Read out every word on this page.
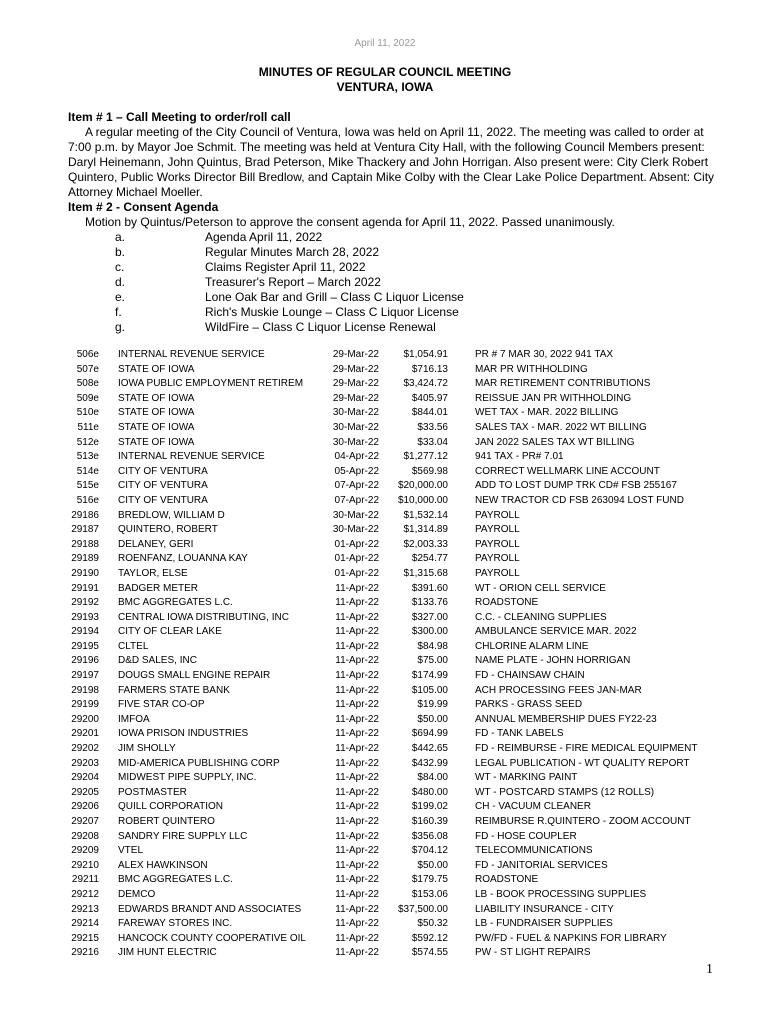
April 11, 2022
MINUTES OF REGULAR COUNCIL MEETING
VENTURA, IOWA
Item # 1 – Call Meeting to order/roll call

A regular meeting of the City Council of Ventura, Iowa was held on April 11, 2022. The meeting was called to order at 7:00 p.m. by Mayor Joe Schmit. The meeting was held at Ventura City Hall, with the following Council Members present: Daryl Heinemann, John Quintus, Brad Peterson, Mike Thackery and John Horrigan. Also present were: City Clerk Robert Quintero, Public Works Director Bill Bredlow, and Captain Mike Colby with the Clear Lake Police Department. Absent: City Attorney Michael Moeller.

Item # 2 - Consent Agenda

Motion by Quintus/Peterson to approve the consent agenda for April 11, 2022. Passed unanimously.

a.	Agenda April 11, 2022
b.	Regular Minutes March 28, 2022
c.	Claims Register April 11, 2022
d.	Treasurer's Report – March 2022
e.	Lone Oak Bar and Grill – Class C Liquor License
f.	Rich's Muskie Lounge – Class C Liquor License
g.	WildFire – Class C Liquor License Renewal
506e INTERNAL REVENUE SERVICE	29-Mar-22	$1,054.91	PR # 7 MAR 30, 2022 941 TAX
507e STATE OF IOWA	29-Mar-22	$716.13	MAR PR WITHHOLDING
508e IOWA PUBLIC EMPLOYMENT RETIREM	29-Mar-22	$3,424.72	MAR RETIREMENT CONTRIBUTIONS
509e STATE OF IOWA	29-Mar-22	$405.97	REISSUE JAN PR WITHHOLDING
510e STATE OF IOWA	30-Mar-22	$844.01	WET TAX - MAR. 2022 BILLING
511e STATE OF IOWA	30-Mar-22	$33.56	SALES TAX - MAR. 2022 WT BILLING
512e STATE OF IOWA	30-Mar-22	$33.04	JAN 2022 SALES TAX WT BILLING
513e INTERNAL REVENUE SERVICE	04-Apr-22	$1,277.12	941 TAX - PR# 7.01
514e CITY OF VENTURA	05-Apr-22	$569.98	CORRECT WELLMARK LINE ACCOUNT
515e CITY OF VENTURA	07-Apr-22	$20,000.00	ADD TO LOST DUMP TRK CD# FSB 255167
516e CITY OF VENTURA	07-Apr-22	$10,000.00	NEW TRACTOR CD FSB 263094 LOST FUND
29186 BREDLOW, WILLIAM D	30-Mar-22	$1,532.14	PAYROLL
29187 QUINTERO, ROBERT	30-Mar-22	$1,314.89	PAYROLL
29188 DELANEY, GERI	01-Apr-22	$2,003.33	PAYROLL
29189 ROENFANZ, LOUANNA KAY	01-Apr-22	$254.77	PAYROLL
29190 TAYLOR, ELSE	01-Apr-22	$1,315.68	PAYROLL
29191 BADGER METER	11-Apr-22	$391.60	WT - ORION CELL SERVICE
29192 BMC AGGREGATES L.C.	11-Apr-22	$133.76	ROADSTONE
29193 CENTRAL IOWA DISTRIBUTING, INC	11-Apr-22	$327.00	C.C. - CLEANING SUPPLIES
29194 CITY OF CLEAR LAKE	11-Apr-22	$300.00	AMBULANCE SERVICE MAR. 2022
29195 CLTEL	11-Apr-22	$84.98	CHLORINE ALARM LINE
29196 D&D SALES, INC	11-Apr-22	$75.00	NAME PLATE - JOHN HORRIGAN
29197 DOUGS SMALL ENGINE REPAIR	11-Apr-22	$174.99	FD - CHAINSAW CHAIN
29198 FARMERS STATE BANK	11-Apr-22	$105.00	ACH PROCESSING FEES JAN-MAR
29199 FIVE STAR CO-OP	11-Apr-22	$19.99	PARKS - GRASS SEED
29200 IMFOA	11-Apr-22	$50.00	ANNUAL MEMBERSHIP DUES FY22-23
29201 IOWA PRISON INDUSTRIES	11-Apr-22	$694.99	FD - TANK LABELS
29202 JIM SHOLLY	11-Apr-22	$442.65	FD - REIMBURSE - FIRE MEDICAL EQUIPMENT
29203 MID-AMERICA PUBLISHING CORP	11-Apr-22	$432.99	LEGAL PUBLICATION - WT QUALITY REPORT
29204 MIDWEST PIPE SUPPLY, INC.	11-Apr-22	$84.00	WT - MARKING PAINT
29205 POSTMASTER	11-Apr-22	$480.00	WT - POSTCARD STAMPS (12 ROLLS)
29206 QUILL CORPORATION	11-Apr-22	$199.02	CH - VACUUM CLEANER
29207 ROBERT QUINTERO	11-Apr-22	$160.39	REIMBURSE R.QUINTERO - ZOOM ACCOUNT
29208 SANDRY FIRE SUPPLY LLC	11-Apr-22	$356.08	FD - HOSE COUPLER
29209 VTEL	11-Apr-22	$704.12	TELECOMMUNICATIONS
29210 ALEX HAWKINSON	11-Apr-22	$50.00	FD - JANITORIAL SERVICES
29211 BMC AGGREGATES L.C.	11-Apr-22	$179.75	ROADSTONE
29212 DEMCO	11-Apr-22	$153.06	LB - BOOK PROCESSING SUPPLIES
29213 EDWARDS BRANDT AND ASSOCIATES	11-Apr-22	$37,500.00	LIABILITY INSURANCE - CITY
29214 FAREWAY STORES INC.	11-Apr-22	$50.32	LB - FUNDRAISER SUPPLIES
29215 HANCOCK COUNTY COOPERATIVE OIL	11-Apr-22	$592.12	PW/FD - FUEL & NAPKINS FOR LIBRARY
29216 JIM HUNT ELECTRIC	11-Apr-22	$574.55	PW - ST LIGHT REPAIRS
1
